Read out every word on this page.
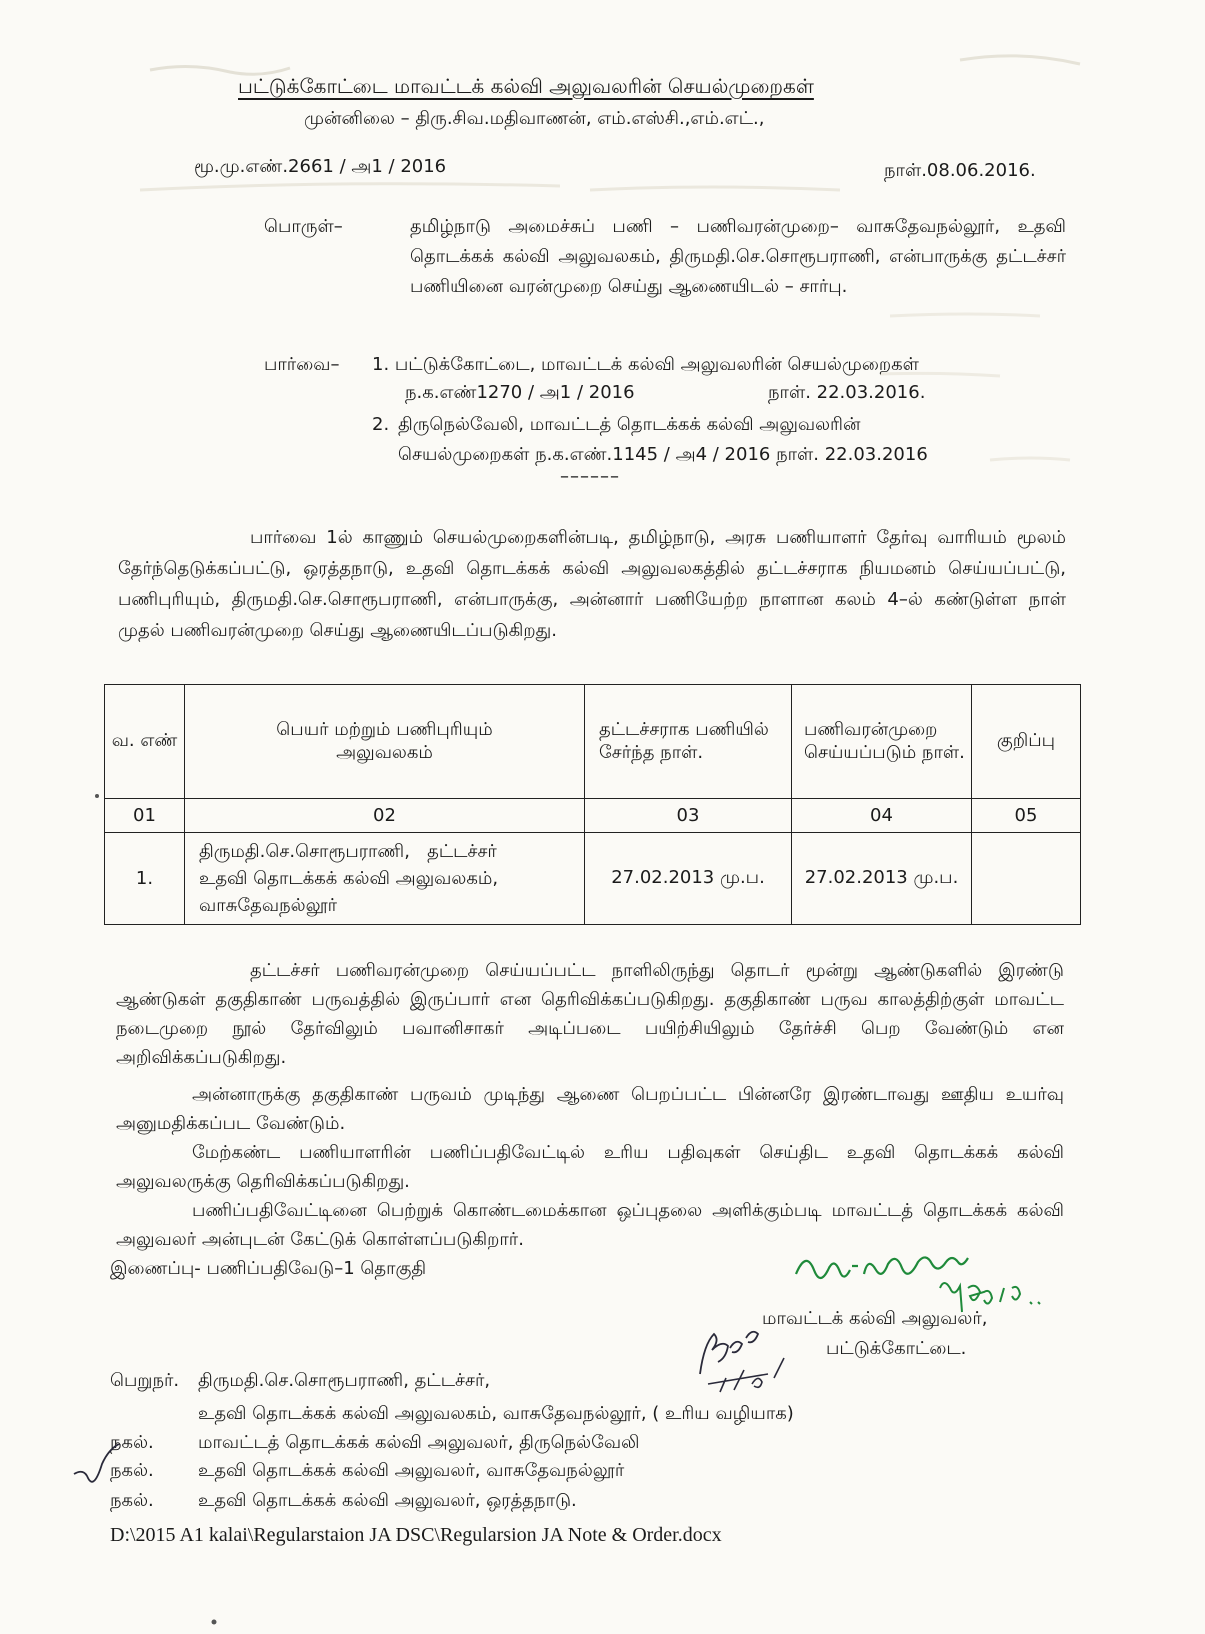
பட்டுக்கோட்டை மாவட்டக் கல்வி அலுவலரின் செயல்முறைகள்
முன்னிலை – திரு.சிவ.மதிவாணன், எம்.எஸ்சி.,எம்.எட்.,
மூ.மு.எண்.2661 / அ1 / 2016	நாள்.08.06.2016.
பொருள்–	தமிழ்நாடு அமைச்சுப் பணி – பணிவரன்முறை– வாசுதேவநல்லூர், உதவி தொடக்கக் கல்வி அலுவலகம், திருமதி.செ.சொரூபராணி, என்பாருக்கு தட்டச்சர் பணியினை வரன்முறை செய்து ஆணையிடல் – சார்பு.
பார்வை– 1. பட்டுக்கோட்டை, மாவட்டக் கல்வி அலுவலரின் செயல்முறைகள்
ந.க.எண்1270 / அ1 / 2016	நாள். 22.03.2016.
2. திருநெல்வேலி, மாவட்டத் தொடக்கக் கல்வி அலுவலரின்
செயல்முறைகள் ந.க.எண்.1145 / அ4 / 2016 நாள். 22.03.2016
––––––
பார்வை 1ல் காணும் செயல்முறைகளின்படி, தமிழ்நாடு, அரசு பணியாளர் தேர்வு வாரியம் மூலம் தேர்ந்தெடுக்கப்பட்டு, ஒரத்தநாடு, உதவி தொடக்கக் கல்வி அலுவலகத்தில் தட்டச்சராக நியமனம் செய்யப்பட்டு, பணிபுரியும், திருமதி.செ.சொரூபராணி, என்பாருக்கு, அன்னார் பணியேற்ற நாளான கலம் 4–ல் கண்டுள்ள நாள் முதல் பணிவரன்முறை செய்து ஆணையிடப்படுகிறது.
வ. எண்	பெயர் மற்றும் பணிபுரியும் அலுவலகம்	தட்டச்சராக பணியில் சேர்ந்த நாள்.	பணிவரன்முறை செய்யப்படும் நாள்.	குறிப்பு
01	02	03	04	05
1.	திருமதி.செ.சொரூபராணி,   தட்டச்சர்
உதவி தொடக்கக் கல்வி அலுவலகம்,
வாசுதேவநல்லூர்	27.02.2013 மு.ப.	27.02.2013 மு.ப.	
தட்டச்சர் பணிவரன்முறை செய்யப்பட்ட நாளிலிருந்து தொடர் மூன்று ஆண்டுகளில் இரண்டு ஆண்டுகள் தகுதிகாண் பருவத்தில் இருப்பார் என தெரிவிக்கப்படுகிறது. தகுதிகாண் பருவ காலத்திற்குள் மாவட்ட நடைமுறை நூல் தேர்விலும் பவானிசாகர் அடிப்படை பயிற்சியிலும் தேர்ச்சி பெற வேண்டும் என அறிவிக்கப்படுகிறது.
அன்னாருக்கு தகுதிகாண் பருவம் முடிந்து ஆணை பெறப்பட்ட பின்னரே இரண்டாவது ஊதிய உயர்வு அனுமதிக்கப்பட வேண்டும்.
மேற்கண்ட பணியாளரின் பணிப்பதிவேட்டில் உரிய பதிவுகள் செய்திட உதவி தொடக்கக் கல்வி அலுவலருக்கு தெரிவிக்கப்படுகிறது.
பணிப்பதிவேட்டினை பெற்றுக் கொண்டமைக்கான ஒப்புதலை அளிக்கும்படி மாவட்டத் தொடக்கக் கல்வி அலுவலர் அன்புடன் கேட்டுக் கொள்ளப்படுகிறார்.
இணைப்பு- பணிப்பதிவேடு–1 தொகுதி
மாவட்டக் கல்வி அலுவலர்,
பட்டுக்கோட்டை.
பெறுநர். திருமதி.செ.சொரூபராணி, தட்டச்சர்,
உதவி தொடக்கக் கல்வி அலுவலகம், வாசுதேவநல்லூர், ( உரிய வழியாக)
நகல். மாவட்டத் தொடக்கக் கல்வி அலுவலர், திருநெல்வேலி
நகல். உதவி தொடக்கக் கல்வி அலுவலர், வாசுதேவநல்லூர்
நகல். உதவி தொடக்கக் கல்வி அலுவலர், ஒரத்தநாடு.
D:\2015 A1 kalai\Regularstaion JA DSC\Regularsion JA Note & Order.docx
